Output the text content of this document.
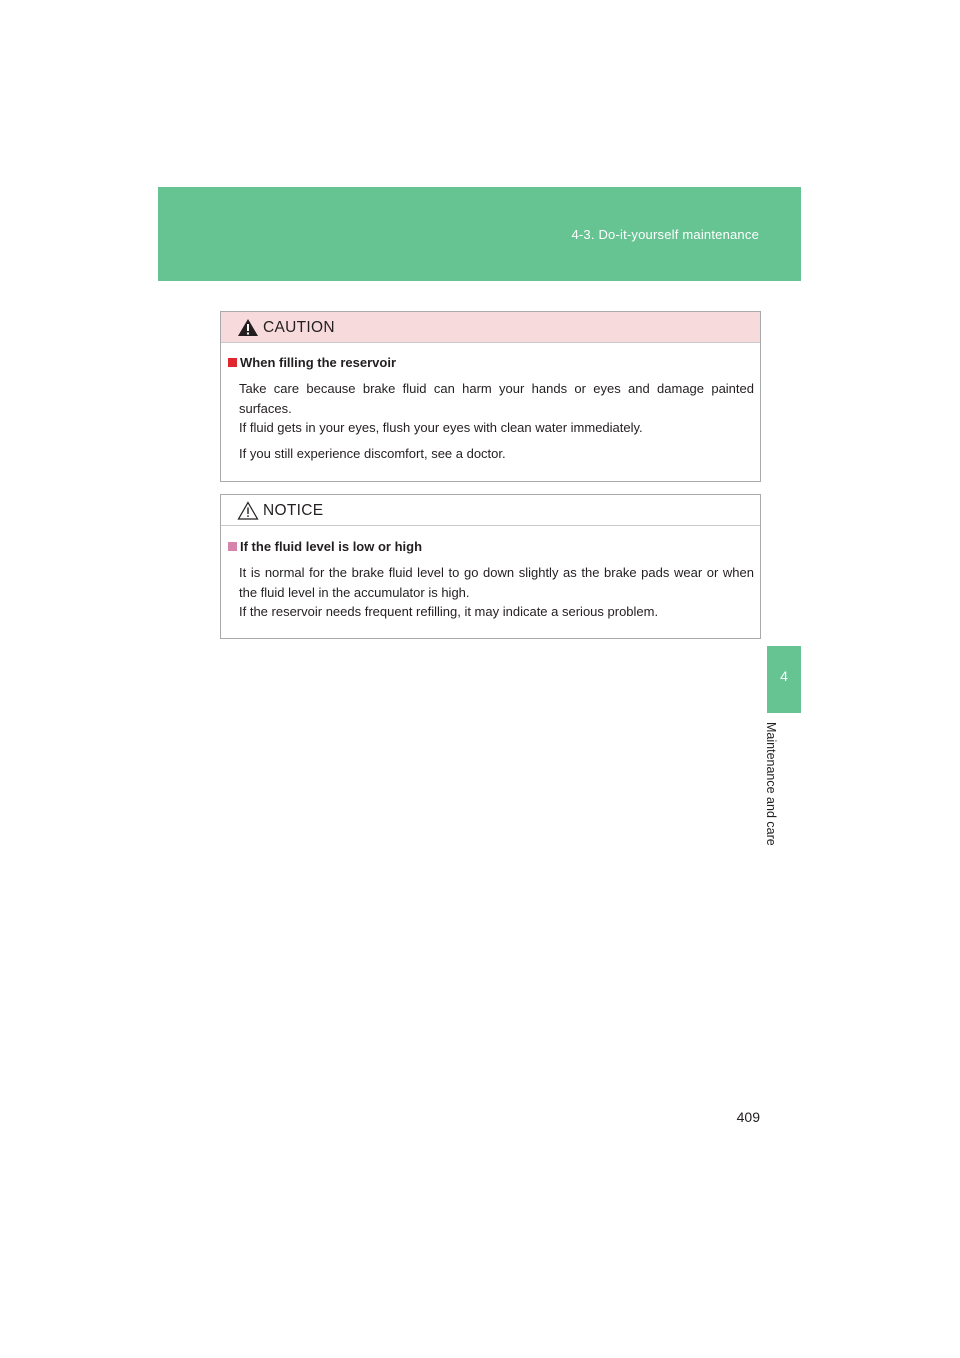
4-3. Do-it-yourself maintenance
4
Maintenance and care
CAUTION
When filling the reservoir
Take care because brake fluid can harm your hands or eyes and damage painted surfaces.
If fluid gets in your eyes, flush your eyes with clean water immediately.
If you still experience discomfort, see a doctor.
NOTICE
If the fluid level is low or high
It is normal for the brake fluid level to go down slightly as the brake pads wear or when the fluid level in the accumulator is high.
If the reservoir needs frequent refilling, it may indicate a serious problem.
409
